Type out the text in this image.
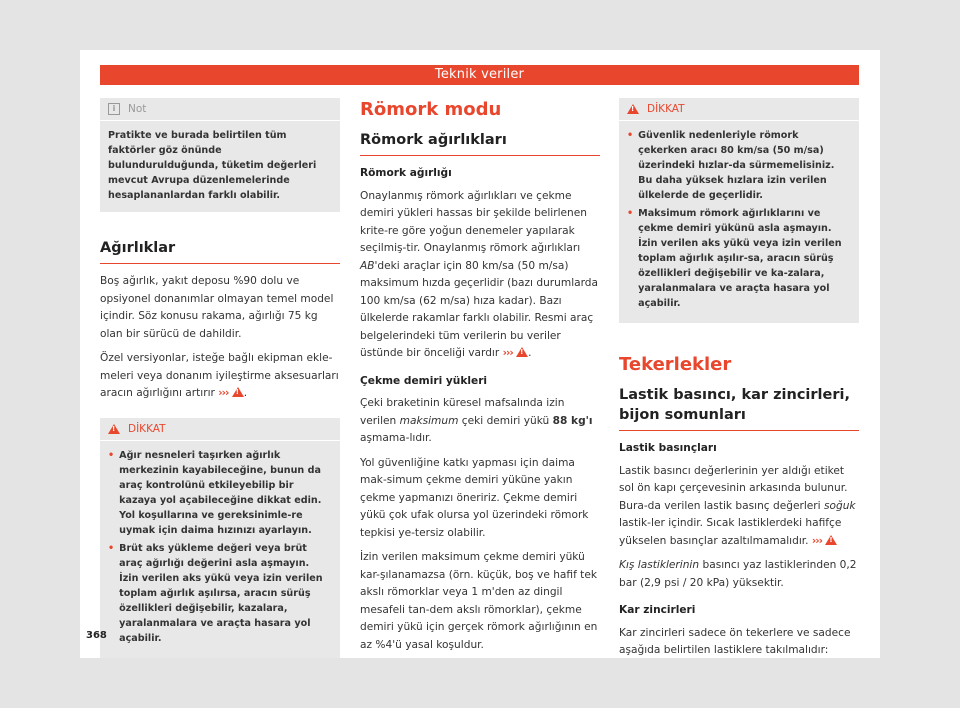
Teknik veriler
i	Not
Pratikte ve burada belirtilen tüm faktörler göz önünde bulundurulduğunda, tüketim değerleri mevcut Avrupa düzenlemelerinde hesaplananlardan farklı olabilir.
Ağırlıklar

Boş ağırlık, yakıt deposu %90 dolu ve opsiyonel donanımlar olmayan temel model içindir. Söz konusu rakama, ağırlığı 75 kg olan bir sürücü de dahildir.

Özel versiyonlar, isteğe bağlı ekipman ekle-meleri veya donanım iyileştirme aksesuarları aracın ağırlığını artırır ››› ! .

!
DİKKAT
• Ağır nesneleri taşırken ağırlık merkezinin kayabileceğine, bunun da araç kontrolünü etkileyebilip bir kazaya yol açabileceğine dikkat edin. Yol koşullarına ve gereksinimle-re uymak için daima hızınızı ayarlayın.
• Brüt aks yükleme değeri veya brüt araç ağırlığı değerini asla aşmayın. İzin verilen aks yükü veya izin verilen toplam ağırlık aşılırsa, aracın sürüş özellikleri değişebilir, kazalara, yaralanmalara ve araçta hasara yol açabilir.
Römork modu
Römork ağırlıkları
Römork ağırlığı

Onaylanmış römork ağırlıkları ve çekme demiri yükleri hassas bir şekilde belirlenen krite-re göre yoğun denemeler yapılarak seçilmiş-tir. Onaylanmış römork ağırlıkları AB'deki araçlar için 80 km/sa (50 m/sa) maksimum hızda geçerlidir (bazı durumlarda 100 km/sa (62 m/sa) hıza kadar). Bazı ülkelerde rakamlar farklı olabilir. Resmi araç belgelerindeki tüm verilerin bu veriler üstünde bir önceliği vardır ››› ! .

Çekme demiri yükleri

Çeki braketinin küresel mafsalında izin verilen maksimum çeki demiri yükü 88 kg'ı aşmama-lıdır.

Yol güvenliğine katkı yapması için daima mak-simum çekme demiri yüküne yakın çekme yapmanızı öneririz. Çekme demiri yükü çok ufak olursa yol üzerindeki römork tepkisi ye-tersiz olabilir.

İzin verilen maksimum çekme demiri yükü kar-şılanamazsa (örn. küçük, boş ve hafif tek akslı römorklar veya 1 m'den az dingil mesafeli tan-dem akslı römorklar), çekme demiri yükü için gerçek römork ağırlığının en az %4'ü yasal koşuldur.

!
DİKKAT
• Güvenlik nedenleriyle römork çekerken aracı 80 km/sa (50 m/sa) üzerindeki hızlar-da sürmemelisiniz. Bu daha yüksek hızlara izin verilen ülkelerde de geçerlidir.
• Maksimum römork ağırlıklarını ve çekme demiri yükünü asla aşmayın. İzin verilen aks yükü veya izin verilen toplam ağırlık aşılır-sa, aracın sürüş özellikleri değişebilir ve ka-zalara, yaralanmalara ve araçta hasara yol açabilir.
Tekerlekler
Lastik basıncı, kar zincirleri, bijon somunları
Lastik basınçları

Lastik basıncı değerlerinin yer aldığı etiket sol ön kapı çerçevesinin arkasında bulunur. Bura-da verilen lastik basınç değerleri soğuk lastik-ler içindir. Sıcak lastiklerdeki hafifçe yükselen basınçlar azaltılmamalıdır. ››› !

Kış lastiklerinin basıncı yaz lastiklerinden 0,2 bar (2,9 psi / 20 kPa) yüksektir.

Kar zincirleri

Kar zincirleri sadece ön tekerlere ve sadece aşağıda belirtilen lastiklere takılmalıdır:

368
